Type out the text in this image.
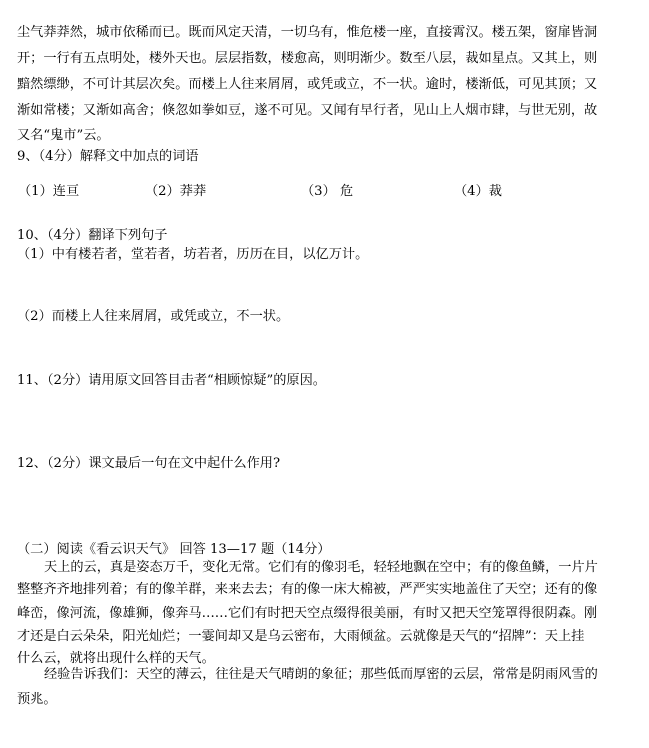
尘气莽莽然，城市依稀而已。既而风定天清，一切乌有，惟危楼一座，直接霄汉。楼五架，窗扉皆洞
开；一行有五点明处，楼外天也。层层指数，楼愈高，则明渐少。数至八层，裁如星点。又其上，则
黯然缥缈，不可计其层次矣。而楼上人往来屑屑，或凭或立，不一状。逾时，楼渐低，可见其顶；又
渐如常楼；又渐如高舍；倏忽如拳如豆，遂不可见。又闻有早行者，见山上人烟市肆，与世无别，故
又名“鬼市”云。
9、（4分）解释文中加点的词语
（1）连亘	（2）莽莽	（3） 危	（4）裁
10、（4分）翻译下列句子
（1）中有楼若者，堂若者，坊若者，历历在目，以亿万计。
（2）而楼上人往来屑屑，或凭或立，不一状。
11、（2分）请用原文回答目击者“相顾惊疑”的原因。
12、（2分）课文最后一句在文中起什么作用?
（二）阅读《看云识天气》 回答 13—17 题（14分）
天上的云，真是姿态万千，变化无常。它们有的像羽毛，轻轻地飘在空中；有的像鱼鳞，一片片
整整齐齐地排列着；有的像羊群，来来去去；有的像一床大棉被，严严实实地盖住了天空；还有的像
峰峦，像河流，像雄狮，像奔马……它们有时把天空点缀得很美丽，有时又把天空笼罩得很阴森。刚
才还是白云朵朵，阳光灿烂；一霎间却又是乌云密布，大雨倾盆。云就像是天气的“招牌”：天上挂
什么云，就将出现什么样的天气。
经验告诉我们：天空的薄云，往往是天气晴朗的象征；那些低而厚密的云层，常常是阴雨风雪的
预兆。
